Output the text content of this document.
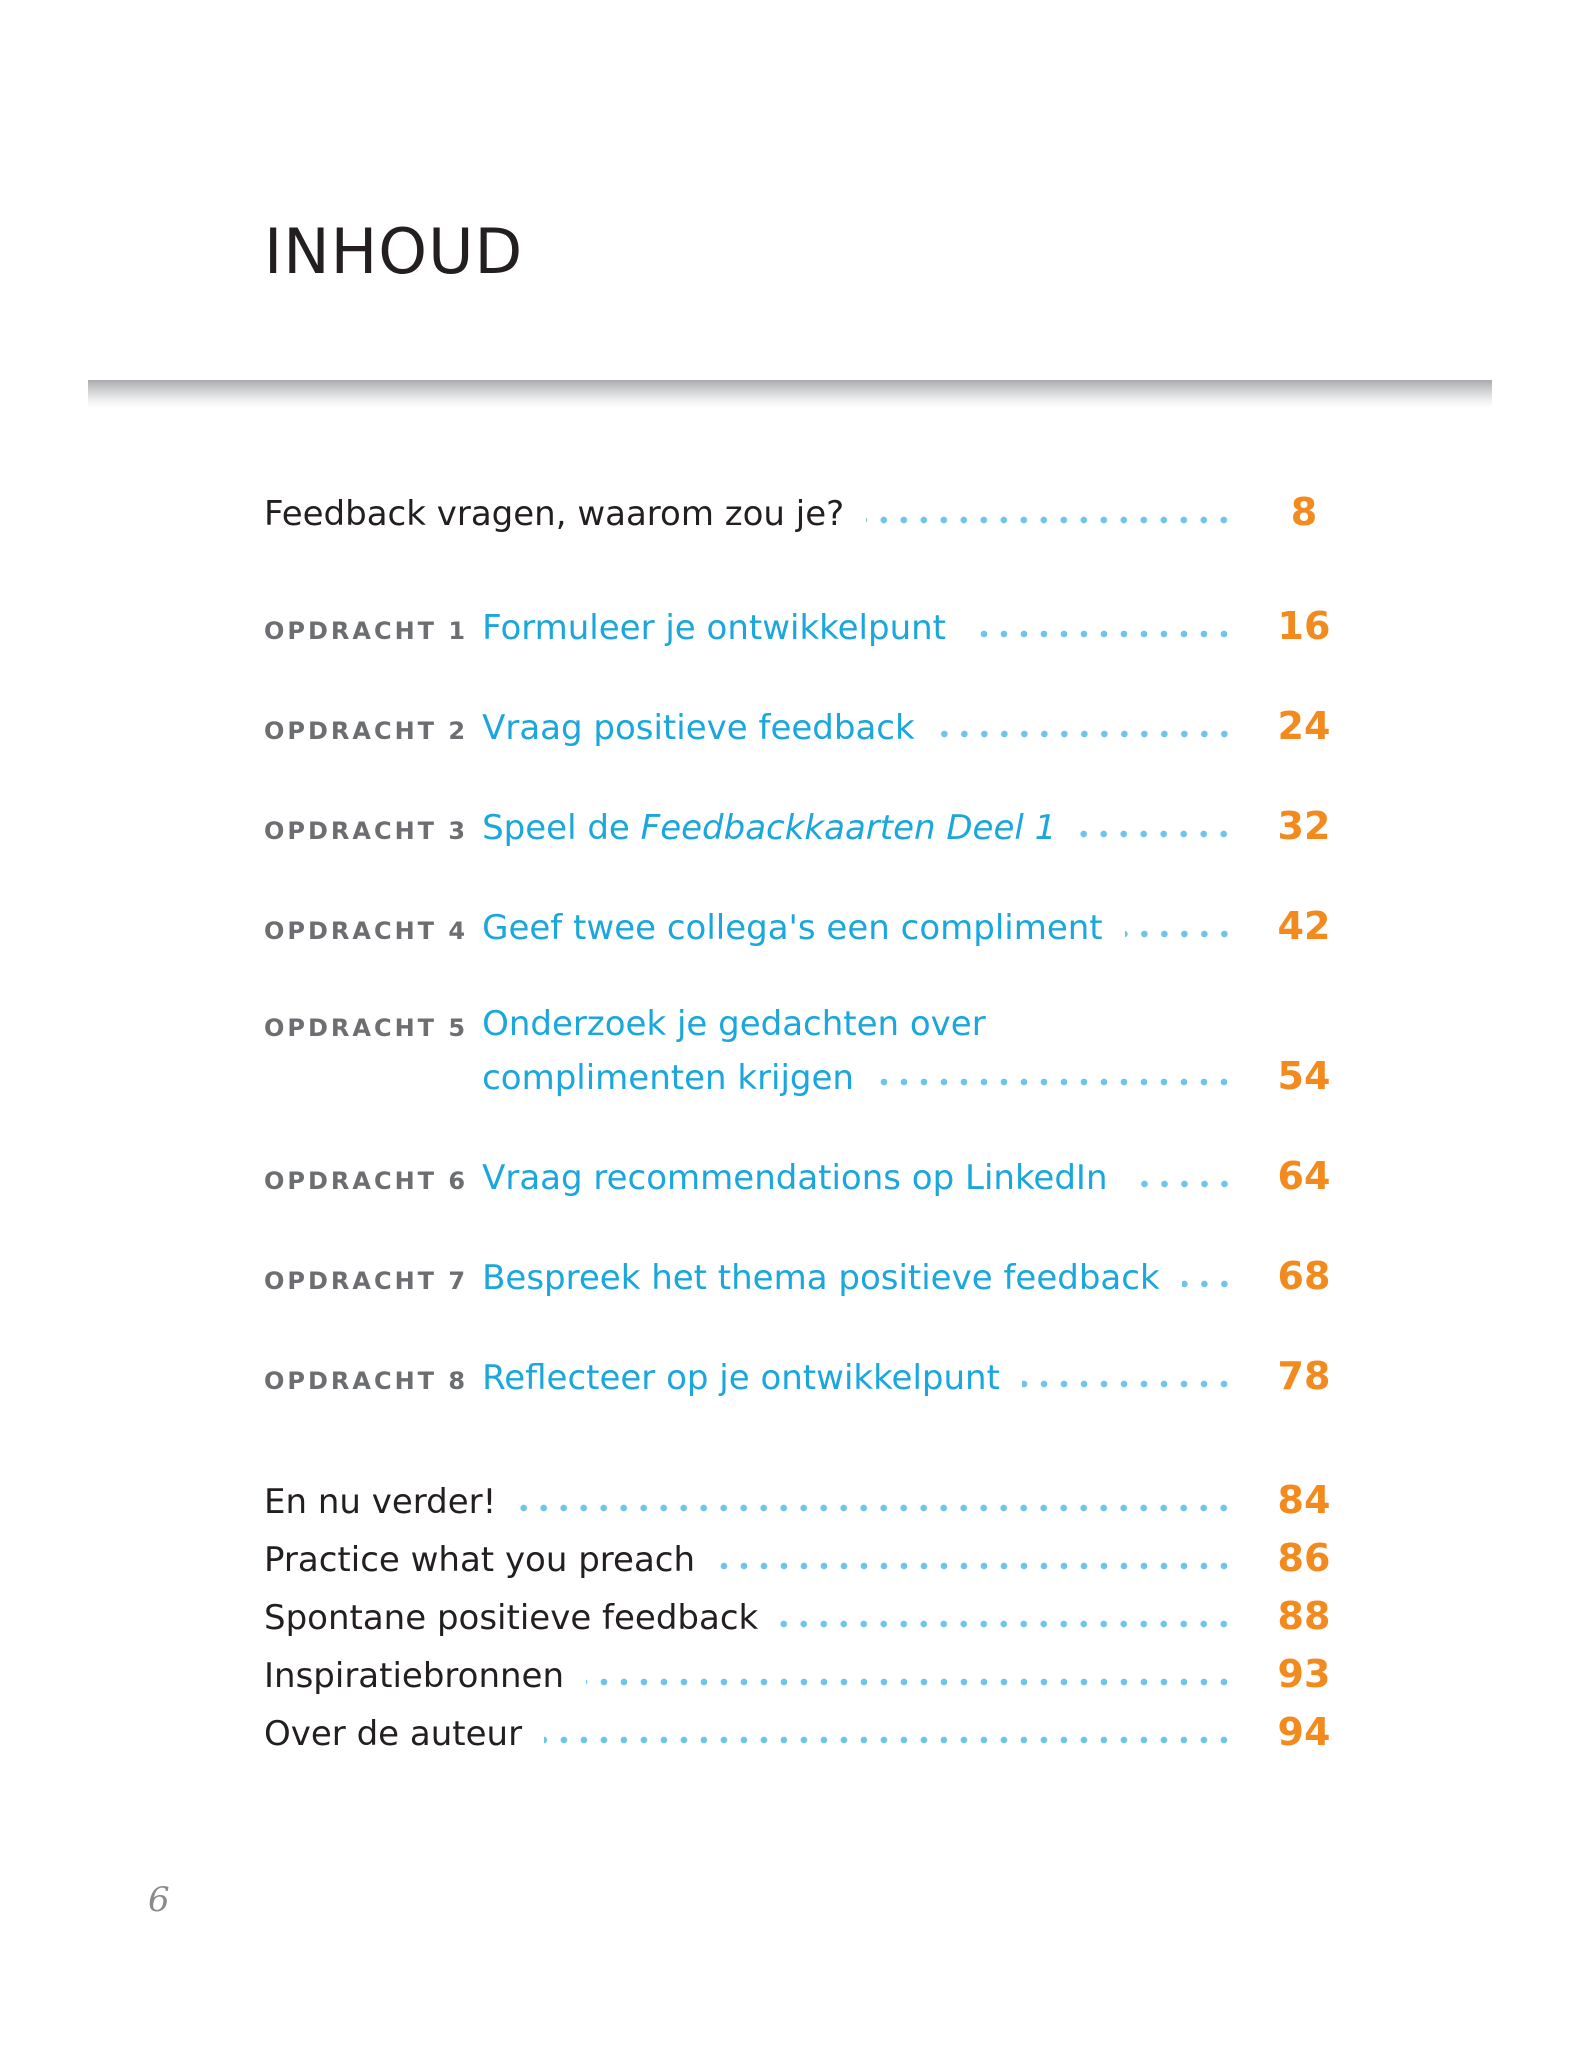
INHOUD
Feedback vragen, waarom zou je?	8
OPDRACHT 1 Formuleer je ontwikkelpunt	16
OPDRACHT 2 Vraag positieve feedback	24
OPDRACHT 3 Speel de Feedbackkaarten Deel 1	32
OPDRACHT 4 Geef twee collega's een compliment	42
OPDRACHT 5 Onderzoek je gedachten over
complimenten krijgen	54
OPDRACHT 6 Vraag recommendations op LinkedIn	64
OPDRACHT 7 Bespreek het thema positieve feedback	68
OPDRACHT 8 Reflecteer op je ontwikkelpunt	78
En nu verder!	84
Practice what you preach	86
Spontane positieve feedback	88
Inspiratiebronnen	93
Over de auteur	94
6
